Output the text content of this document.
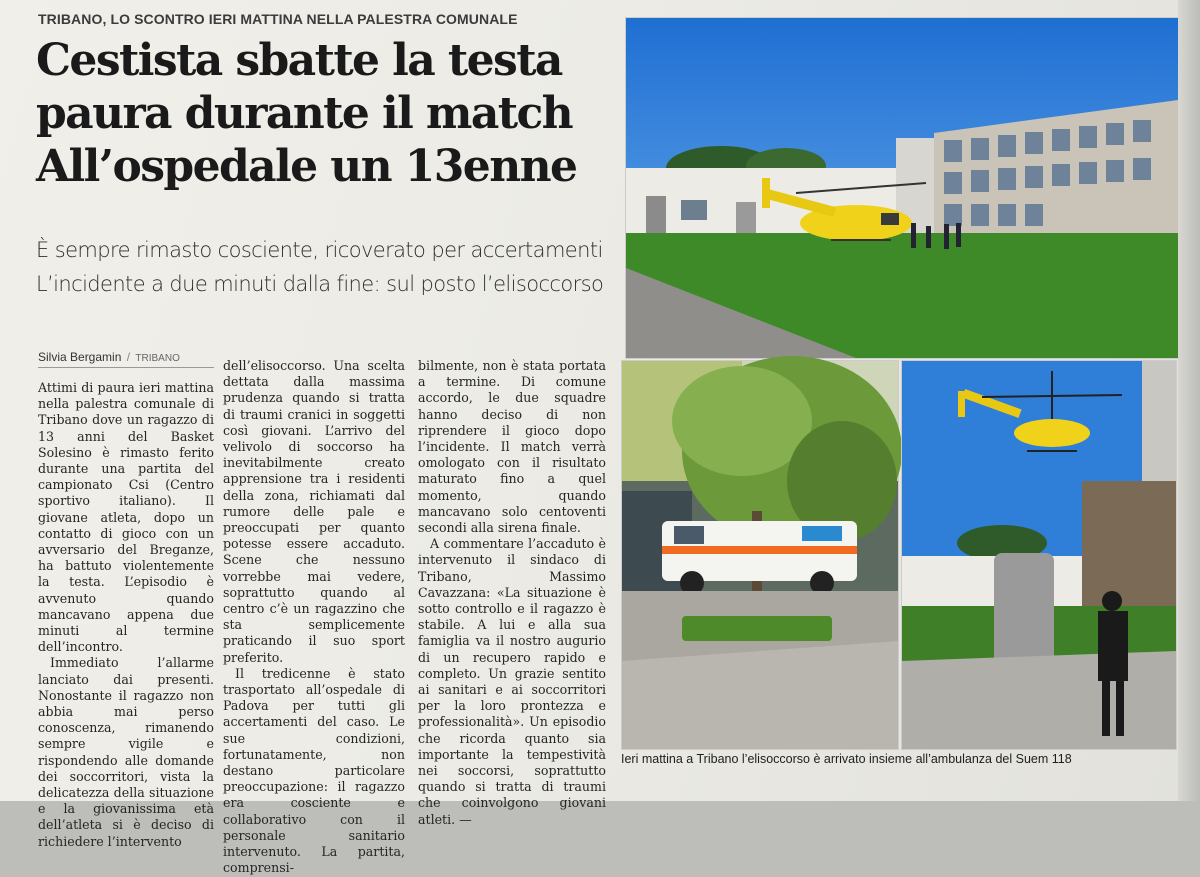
TRIBANO, LO SCONTRO IERI MATTINA NELLA PALESTRA COMUNALE
Cestista sbatte la testa
paura durante il match
All’ospedale un 13enne
È sempre rimasto cosciente, ricoverato per accertamenti
L’incidente a due minuti dalla fine: sul posto l’elisoccorso
Silvia Bergamin / TRIBANO

Attimi di paura ieri mattina nella palestra comunale di Tribano dove un ragazzo di 13 anni del Basket Solesino è rimasto ferito durante una partita del campionato Csi (Centro sportivo italiano). Il giovane atleta, dopo un contatto di gioco con un avversario del Breganze, ha battuto violentemente la testa. L’episodio è avvenuto quando mancavano appena due minuti al termine dell’incontro.

Immediato l’allarme lanciato dai presenti. Nonostante il ragazzo non abbia mai perso conoscenza, rimanendo sempre vigile e rispondendo alle domande dei soccorritori, vista la delicatezza della situazione e la giovanissima età dell’atleta si è deciso di richiedere l’intervento

dell’elisoccorso. Una scelta dettata dalla massima prudenza quando si tratta di traumi cranici in soggetti così giovani. L’arrivo del velivolo di soccorso ha inevitabilmente creato apprensione tra i residenti della zona, richiamati dal rumore delle pale e preoccupati per quanto potesse essere accaduto. Scene che nessuno vorrebbe mai vedere, soprattutto quando al centro c’è un ragazzino che sta semplicemente praticando il suo sport preferito.

Il tredicenne è stato trasportato all’ospedale di Padova per tutti gli accertamenti del caso. Le sue condizioni, fortunatamente, non destano particolare preoccupazione: il ragazzo era cosciente e collaborativo con il personale sanitario intervenuto. La partita, comprensi-

bilmente, non è stata portata a termine. Di comune accordo, le due squadre hanno deciso di non riprendere il gioco dopo l’incidente. Il match verrà omologato con il risultato maturato fino a quel momento, quando mancavano solo centoventi secondi alla sirena finale.

A commentare l’accaduto è intervenuto il sindaco di Tribano, Massimo Cavazzana: «La situazione è sotto controllo e il ragazzo è stabile. A lui e alla sua famiglia va il nostro augurio di un recupero rapido e completo. Un grazie sentito ai sanitari e ai soccorritori per la loro prontezza e professionalità». Un episodio che ricorda quanto sia importante la tempestività nei soccorsi, soprattutto quando si tratta di traumi che coinvolgono giovani atleti. —

Ieri mattina a Tribano l’elisoccorso è arrivato insieme all’ambulanza del Suem 118
